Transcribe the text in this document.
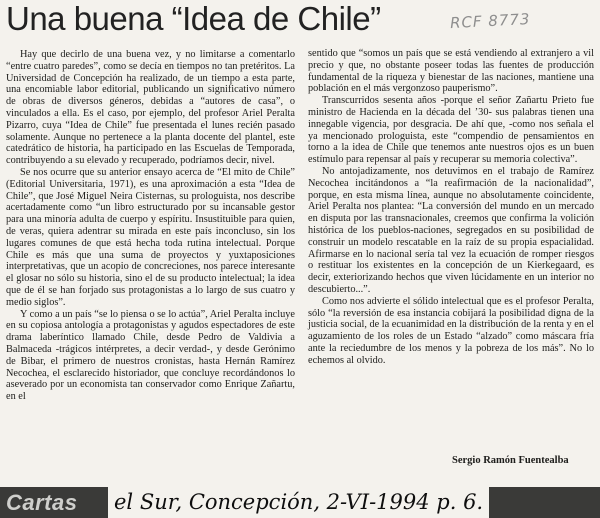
Una buena “Idea de Chile”	RCF 8773

Hay que decirlo de una buena vez, y no limitarse a comentarlo “entre cuatro paredes”, como se decía en tiempos no tan pretéritos. La Universidad de Concepción ha realizado, de un tiempo a esta parte, una encomiable labor editorial, publicando un significativo número de obras de diversos géneros, debidas a “autores de casa”, o vinculados a ella. Es el caso, por ejemplo, del profesor Ariel Peralta Pizarro, cuya “Idea de Chile” fue presentada el lunes recién pasado solamente. Aunque no pertenece a la planta docente del plantel, este catedrático de historia, ha participado en las Escuelas de Temporada, contribuyendo a su elevado y recuperado, podríamos decir, nivel.

Se nos ocurre que su anterior ensayo acerca de “El mito de Chile” (Editorial Universitaria, 1971), es una aproximación a esta “Idea de Chile”, que José Miguel Neira Cisternas, su prologuista, nos describe acertadamente como “un libro estructurado por su incansable gestor para una minoría adulta de cuerpo y espíritu. Insustituible para quien, de veras, quiera adentrar su mirada en este país inconcluso, sin los lugares comunes de que está hecha toda rutina intelectual. Porque Chile es más que una suma de proyectos y yuxtaposiciones interpretativas, que un acopio de concreciones, nos parece interesante el glosar no sólo su historia, sino el de su producto intelectual; la idea que de él se han forjado sus protagonistas a lo largo de sus cuatro y medio siglos”.

Y como a un país “se lo piensa o se lo actúa”, Ariel Peralta incluye en su copiosa antología a protagonistas y agudos espectadores de este drama laberíntico llamado Chile, desde Pedro de Valdivia a Balmaceda -trágicos intérpretes, a decir verdad-, y desde Gerónimo de Bibar, el primero de nuestros cronistas, hasta Hernán Ramírez Necochea, el esclarecido historiador, que concluye recordándonos lo aseverado por un economista tan conservador como Enrique Zañartu, en el

sentido que “somos un país que se está vendiendo al extranjero a vil precio y que, no obstante poseer todas las fuentes de producción fundamental de la riqueza y bienestar de las naciones, mantiene una población en el más vergonzoso pauperismo”.

Transcurridos sesenta años -porque el señor Zañartu Prieto fue ministro de Hacienda en la década del ’30- sus palabras tienen una innegable vigencia, por desgracia. De ahí que, -como nos señala el ya mencionado prologuista, este “compendio de pensamientos en torno a la idea de Chile que tenemos ante nuestros ojos es un buen estímulo para repensar al país y recuperar su memoria colectiva”.

No antojadizamente, nos detuvimos en el trabajo de Ramírez Necochea incitándonos a “la reafirmación de la nacionalidad”, porque, en esta misma línea, aunque no absolutamente coincidente, Ariel Peralta nos plantea: “La conversión del mundo en un mercado en disputa por las transnacionales, creemos que confirma la volición histórica de los pueblos-naciones, segregados en su posibilidad de construir un modelo rescatable en la raíz de su propia espacialidad. Afirmarse en lo nacional sería tal vez la ecuación de romper riesgos o restituar los existentes en la concepción de un Kierkegaard, es decir, exteriorizando hechos que viven lúcidamente en un interior no descubierto...”.

Como nos advierte el sólido intelectual que es el profesor Peralta, sólo “la reversión de esa instancia cobijará la posibilidad digna de la justicia social, de la ecuanimidad en la distribución de la renta y en el aguzamiento de los roles de un Estado “alzado” como máscara fría ante la reciedumbre de los menos y la pobreza de los más”. No lo echemos al olvido.

Sergio Ramón Fuentealba
Cartas el Sur, Concepción, 2-VI-1994 p. 6.
